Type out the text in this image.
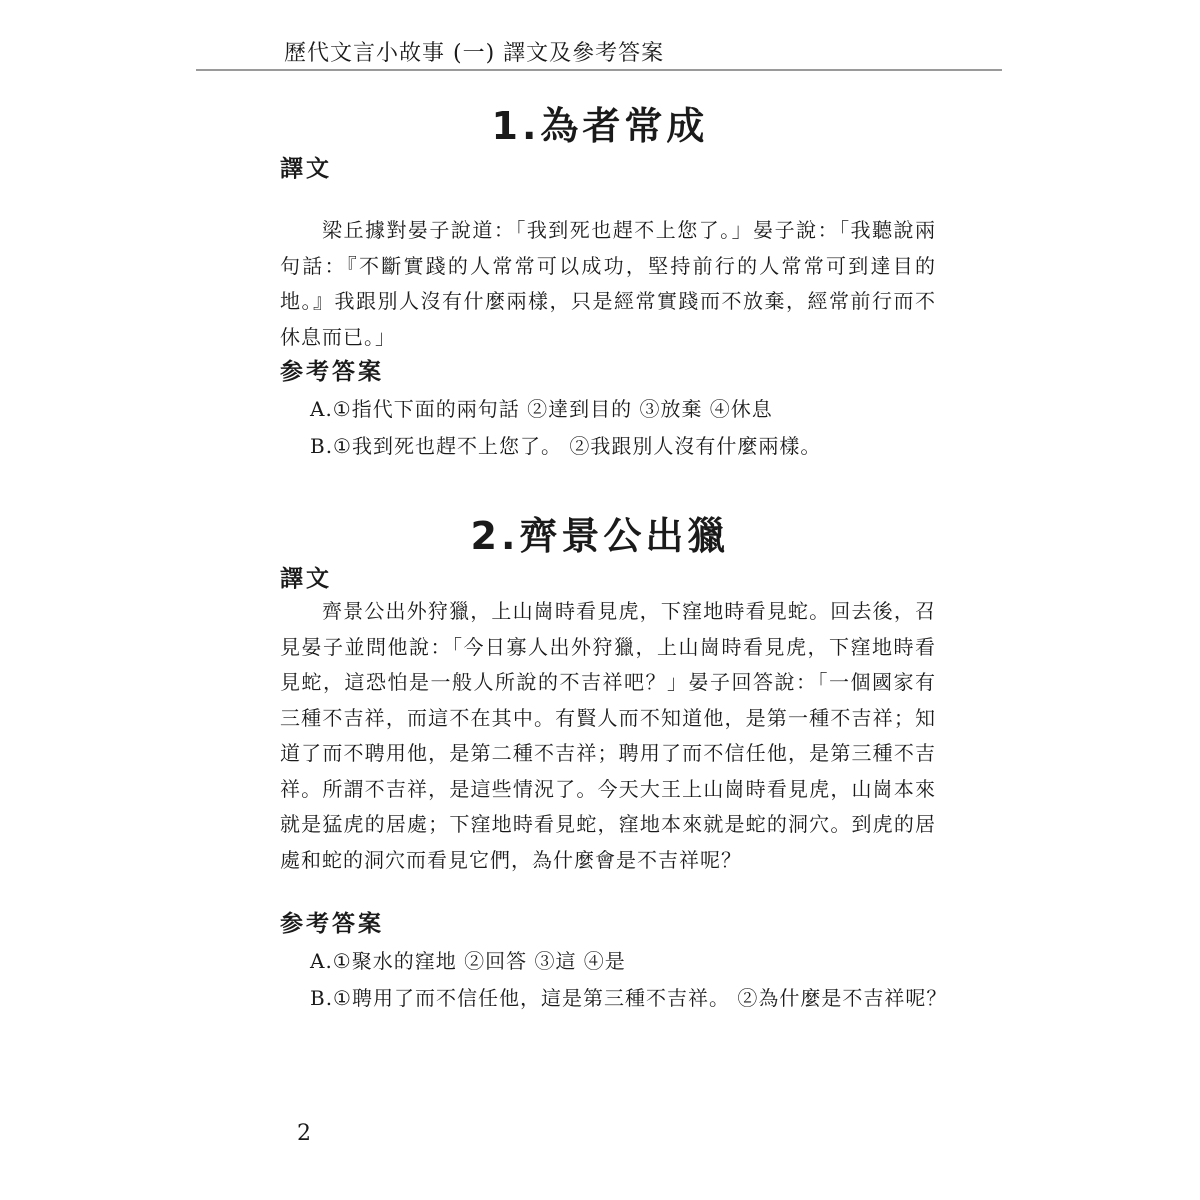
歷代文言小故事 (一) 譯文及參考答案
1.為者常成
譯文

梁丘據對晏子說道：「我到死也趕不上您了。」晏子說：「我聽說兩句話：『不斷實踐的人常常可以成功，堅持前行的人常常可到達目的地。』我跟別人沒有什麼兩樣，只是經常實踐而不放棄，經常前行而不休息而已。」

参考答案
A.①指代下面的兩句話 ②達到目的 ③放棄 ④休息
B.①我到死也趕不上您了。 ②我跟別人沒有什麼兩樣。
2.齊景公出獵
譯文

齊景公出外狩獵，上山崗時看見虎，下窪地時看見蛇。回去後，召見晏子並問他說：「今日寡人出外狩獵，上山崗時看見虎，下窪地時看見蛇，這恐怕是一般人所說的不吉祥吧？」晏子回答說：「一個國家有三種不吉祥，而這不在其中。有賢人而不知道他，是第一種不吉祥；知道了而不聘用他，是第二種不吉祥；聘用了而不信任他，是第三種不吉祥。所謂不吉祥，是這些情況了。今天大王上山崗時看見虎，山崗本來就是猛虎的居處；下窪地時看見蛇，窪地本來就是蛇的洞穴。到虎的居處和蛇的洞穴而看見它們，為什麼會是不吉祥呢？

参考答案
A.①聚水的窪地 ②回答 ③這 ④是
B.①聘用了而不信任他，這是第三種不吉祥。 ②為什麼是不吉祥呢？
2
